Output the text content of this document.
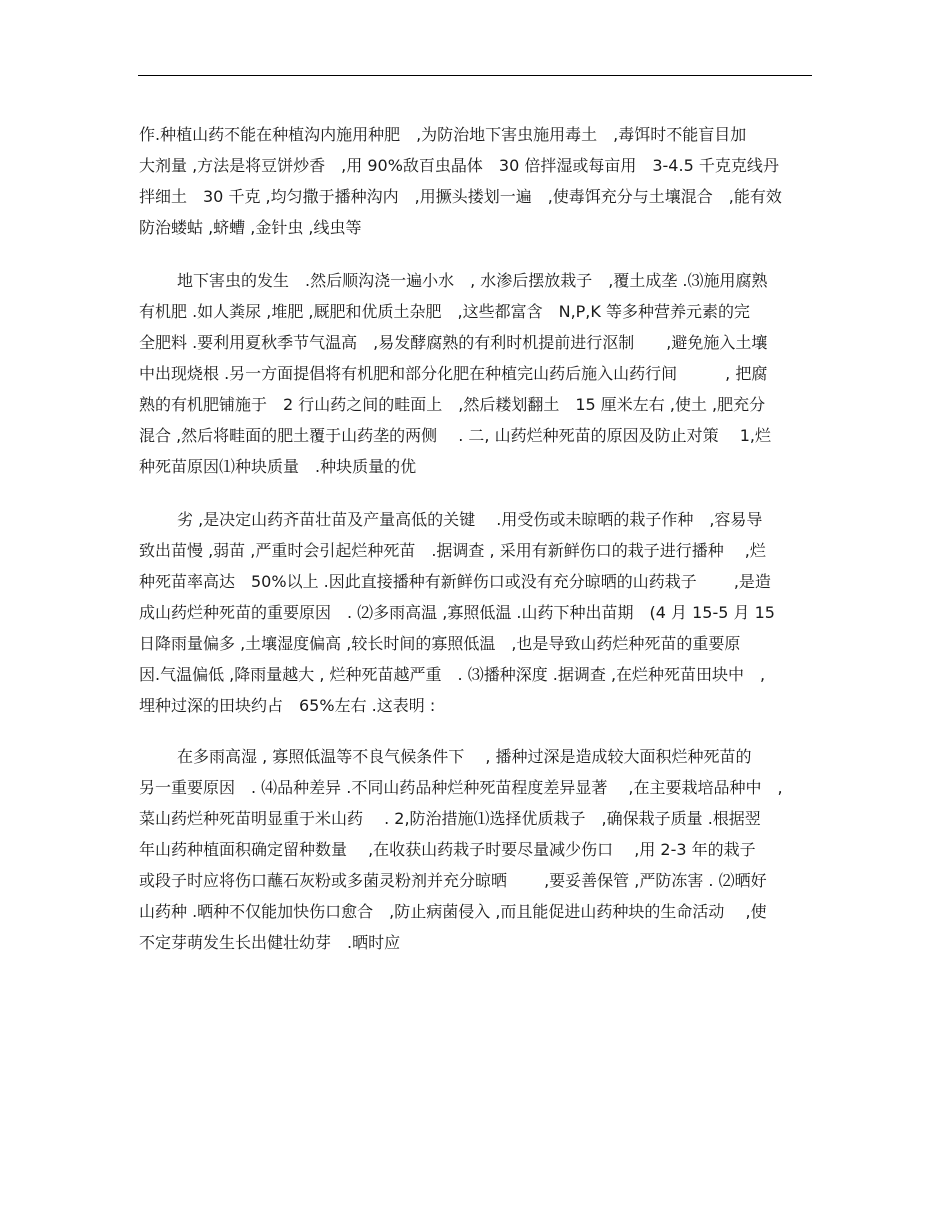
作.种植山药不能在种植沟内施用种肥　,为防治地下害虫施用毒土　,毒饵时不能盲目加
大剂量 ,方法是将豆饼炒香　,用 90%敌百虫晶体　30 倍拌湿或每亩用　3-4.5 千克克线丹
拌细土　30 千克 ,均匀撒于播种沟内　,用撅头搂划一遍　,使毒饵充分与土壤混合　,能有效
防治蝼蛄 ,蛴螬 ,金针虫 ,线虫等
地下害虫的发生　.然后顺沟浇一遍小水　, 水渗后摆放栽子　,覆土成垄 .⑶施用腐熟
有机肥 .如人粪尿 ,堆肥 ,厩肥和优质土杂肥　,这些都富含　N,P,K 等多种营养元素的完
全肥料 .要利用夏秋季节气温高　,易发酵腐熟的有利时机提前进行沤制　　,避免施入土壤
中出现烧根 .另一方面提倡将有机肥和部分化肥在种植完山药后施入山药行间　　　, 把腐
熟的有机肥铺施于　2 行山药之间的畦面上　,然后耧划翻土　15 厘米左右 ,使土 ,肥充分
混合 ,然后将畦面的肥土覆于山药垄的两侧　 . 二, 山药烂种死苗的原因及防止对策　 1,烂
种死苗原因⑴种块质量　.种块质量的优
劣 ,是决定山药齐苗壮苗及产量高低的关键　 .用受伤或未晾晒的栽子作种　,容易导
致出苗慢 ,弱苗 ,严重时会引起烂种死苗　.据调查 , 采用有新鲜伤口的栽子进行播种　 ,烂
种死苗率高达　50%以上 .因此直接播种有新鲜伤口或没有充分晾晒的山药栽子　　 ,是造
成山药烂种死苗的重要原因　. ⑵多雨高温 ,寡照低温 .山药下种出苗期　(4 月 15-5 月 15
日降雨量偏多 ,土壤湿度偏高 ,较长时间的寡照低温　,也是导致山药烂种死苗的重要原
因.气温偏低 ,降雨量越大 , 烂种死苗越严重　. ⑶播种深度 .据调查 ,在烂种死苗田块中　,
埋种过深的田块约占　65%左右 .这表明 :
在多雨高湿 , 寡照低温等不良气候条件下　 , 播种过深是造成较大面积烂种死苗的
另一重要原因　. ⑷品种差异 .不同山药品种烂种死苗程度差异显著　 ,在主要栽培品种中　,
菜山药烂种死苗明显重于米山药　 . 2,防治措施⑴选择优质栽子　,确保栽子质量 .根据翌
年山药种植面积确定留种数量　 ,在收获山药栽子时要尽量减少伤口　 ,用 2-3 年的栽子
或段子时应将伤口蘸石灰粉或多菌灵粉剂并充分晾晒　　 ,要妥善保管 ,严防冻害 . ⑵晒好
山药种 .晒种不仅能加快伤口愈合　,防止病菌侵入 ,而且能促进山药种块的生命活动　 ,使
不定芽萌发生长出健壮幼芽　.晒时应
